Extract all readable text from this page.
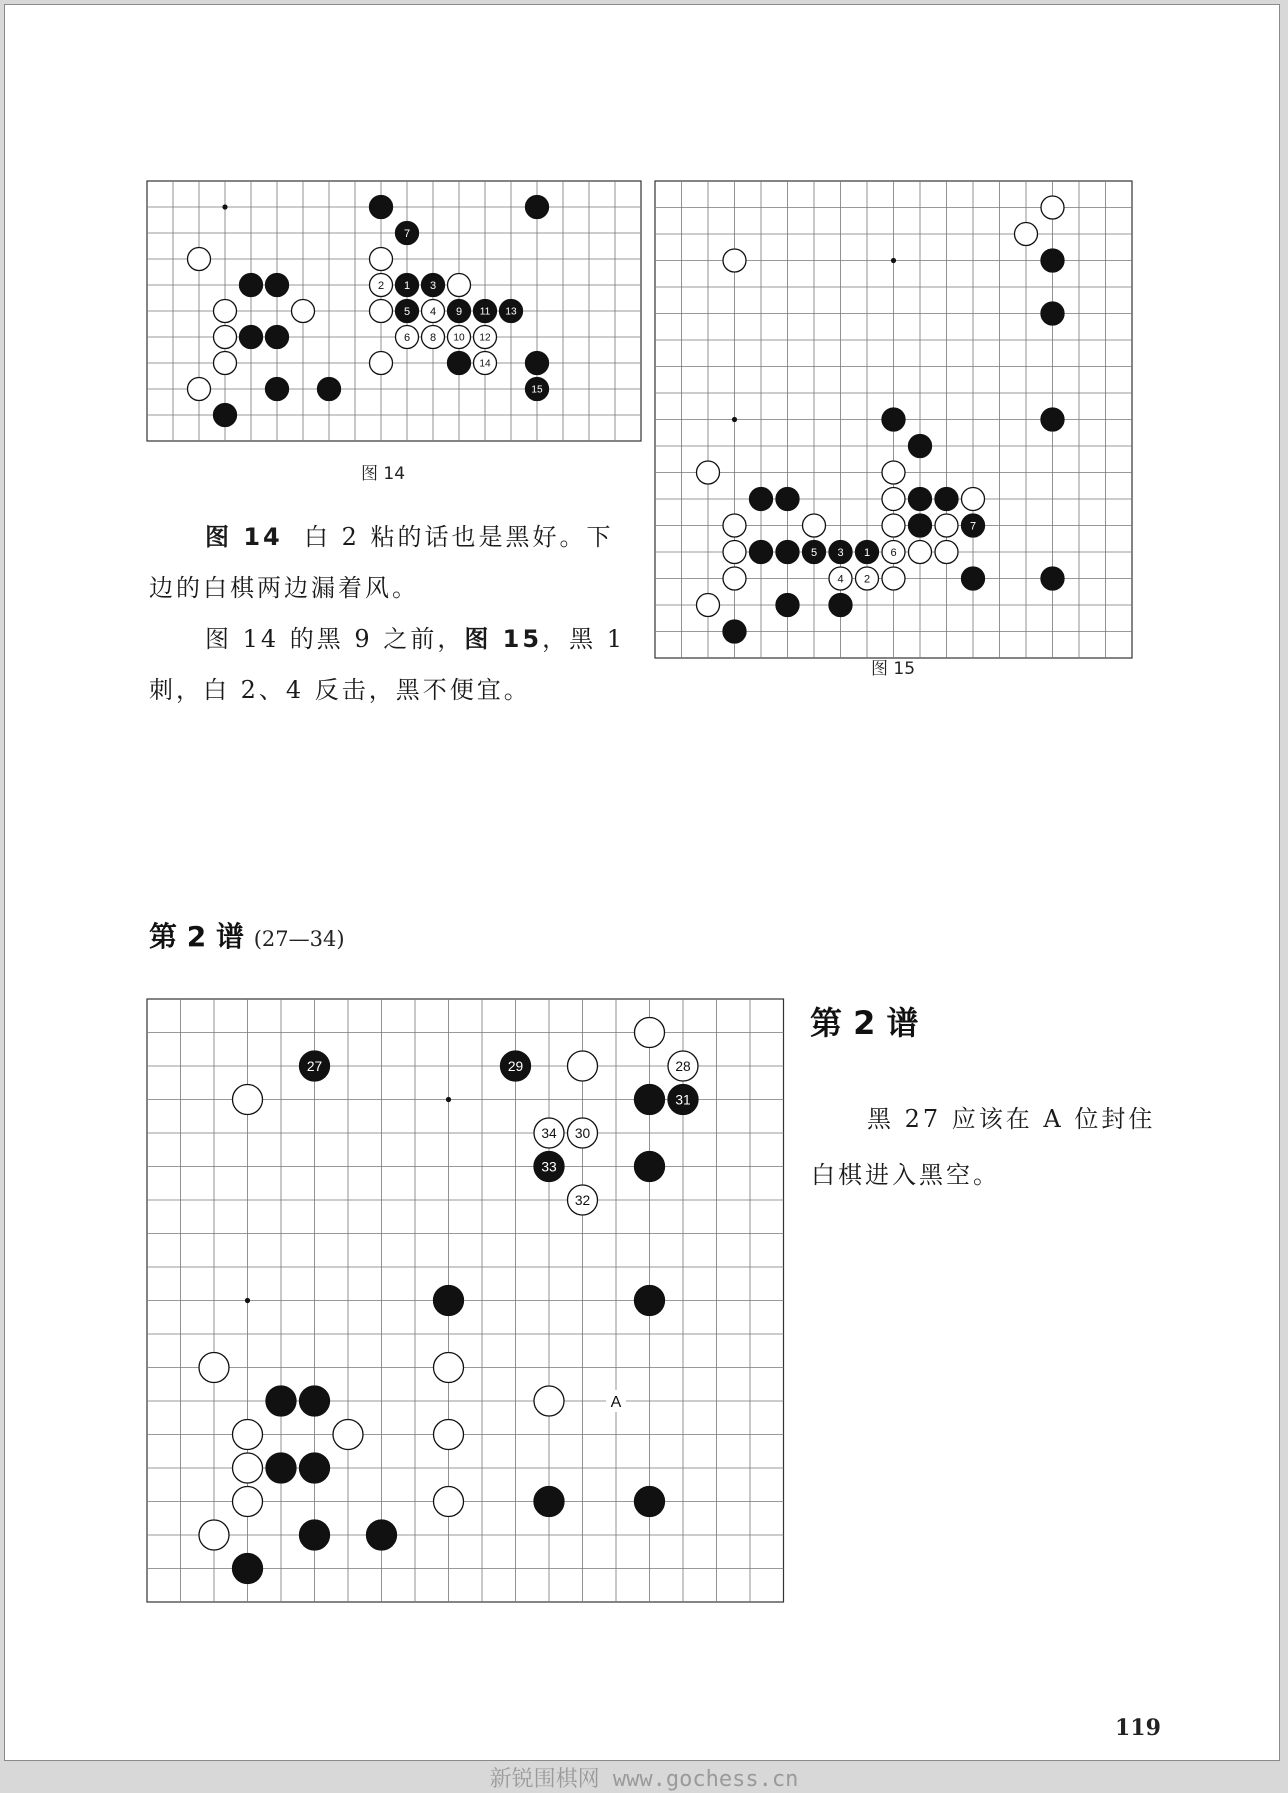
7
2 1 3
5 4 9 11 13
6 8 10 12
14
15
图 14
7
5 3 1 6
4 2
图 15
图 14 白 2 粘的话也是黑好。下
边的白棋两边漏着风。
图 14 的黑 9 之前，图 15，黑 1
刺，白 2、4 反击，黑不便宜。
第 2 谱 (27—34)
A
27	29	28
31
34 30
33
32
第 2 谱
黑 27 应该在 A 位封住
白棋进入黑空。
119
新锐围棋网 www.gochess.cn
